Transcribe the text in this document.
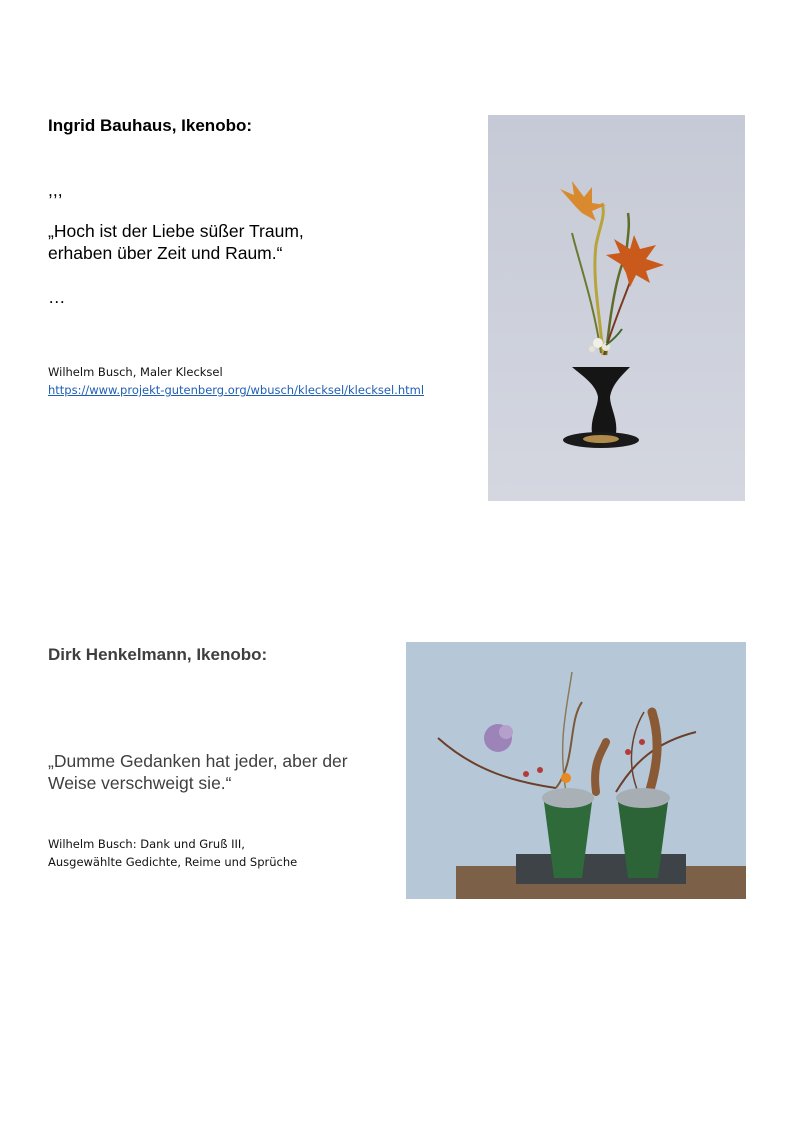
Ingrid Bauhaus, Ikenobo:

,,,

„Hoch ist der Liebe süßer Traum,

erhaben über Zeit und Raum.“

…

Wilhelm Busch, Maler Klecksel

https://www.projekt-gutenberg.org/wbusch/klecksel/klecksel.html
Dirk Henkelmann, Ikenobo:

„Dumme Gedanken hat jeder, aber der

Weise verschweigt sie.“

Wilhelm Busch: Dank und Gruß III,

Ausgewählte Gedichte, Reime und Sprüche
